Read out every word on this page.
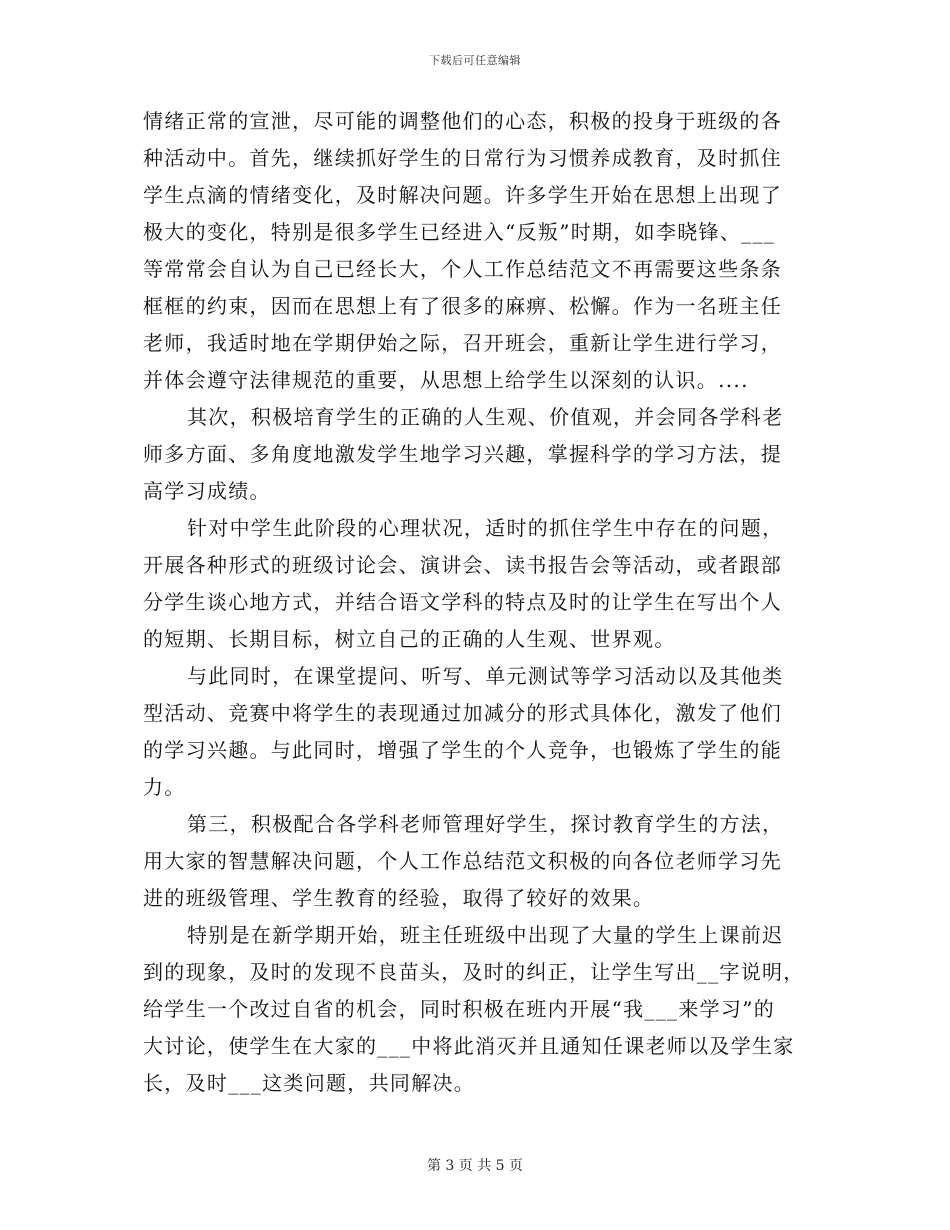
下载后可任意编辑
情绪正常的宣泄，尽可能的调整他们的心态，积极的投身于班级的各
种活动中。首先，继续抓好学生的日常行为习惯养成教育，及时抓住
学生点滴的情绪变化，及时解决问题。许多学生开始在思想上出现了
极大的变化，特别是很多学生已经进入“反叛”时期，如李晓锋、___
等常常会自认为自己已经长大，个人工作总结范文不再需要这些条条
框框的约束，因而在思想上有了很多的麻痹、松懈。作为一名班主任
老师，我适时地在学期伊始之际，召开班会，重新让学生进行学习，
并体会遵守法律规范的重要，从思想上给学生以深刻的认识。....
其次，积极培育学生的正确的人生观、价值观，并会同各学科老
师多方面、多角度地激发学生地学习兴趣，掌握科学的学习方法，提
高学习成绩。
针对中学生此阶段的心理状况，适时的抓住学生中存在的问题，
开展各种形式的班级讨论会、演讲会、读书报告会等活动，或者跟部
分学生谈心地方式，并结合语文学科的特点及时的让学生在写出个人
的短期、长期目标，树立自己的正确的人生观、世界观。
与此同时，在课堂提问、听写、单元测试等学习活动以及其他类
型活动、竞赛中将学生的表现通过加减分的形式具体化，激发了他们
的学习兴趣。与此同时，增强了学生的个人竞争，也锻炼了学生的能
力。
第三，积极配合各学科老师管理好学生，探讨教育学生的方法，
用大家的智慧解决问题，个人工作总结范文积极的向各位老师学习先
进的班级管理、学生教育的经验，取得了较好的效果。
特别是在新学期开始，班主任班级中出现了大量的学生上课前迟
到的现象，及时的发现不良苗头，及时的纠正，让学生写出__字说明，
给学生一个改过自省的机会，同时积极在班内开展“我___来学习”的
大讨论，使学生在大家的___中将此消灭并且通知任课老师以及学生家
长，及时___这类问题，共同解决。
第 3 页 共 5 页
